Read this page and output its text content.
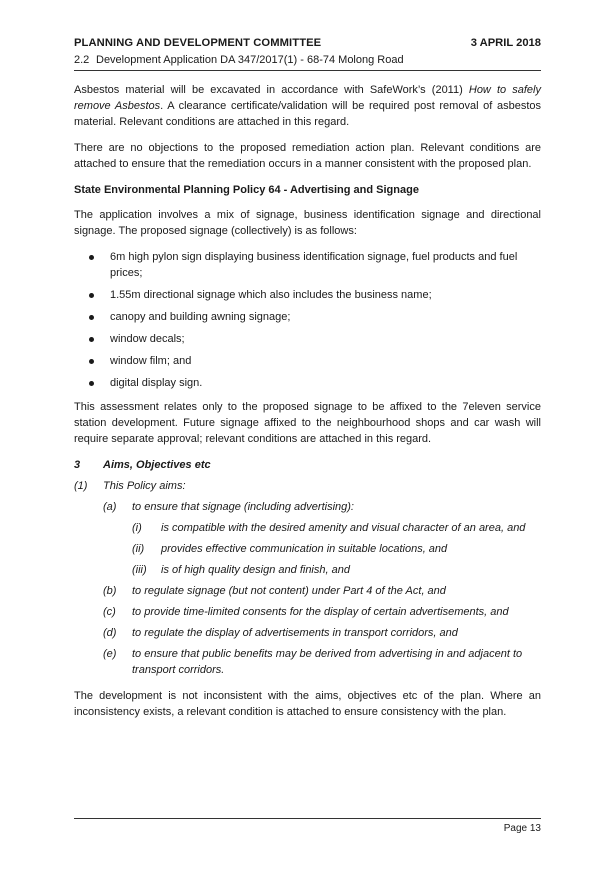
PLANNING AND DEVELOPMENT COMMITTEE	3 APRIL 2018
2.2 Development Application DA 347/2017(1) - 68-74 Molong Road

Asbestos material will be excavated in accordance with SafeWork’s (2011) How to safely remove Asbestos. A clearance certificate/validation will be required post removal of asbestos material. Relevant conditions are attached in this regard.

There are no objections to the proposed remediation action plan. Relevant conditions are attached to ensure that the remediation occurs in a manner consistent with the proposed plan.

State Environmental Planning Policy 64 - Advertising and Signage

The application involves a mix of signage, business identification signage and directional signage. The proposed signage (collectively) is as follows:

6m high pylon sign displaying business identification signage, fuel products and fuel prices;
1.55m directional signage which also includes the business name;
canopy and building awning signage;
window decals;
window film; and
digital display sign.

This assessment relates only to the proposed signage to be affixed to the 7eleven service station development. Future signage affixed to the neighbourhood shops and car wash will require separate approval; relevant conditions are attached in this regard.

3	Aims, Objectives etc
(1)	This Policy aims:
(a)	to ensure that signage (including advertising):
(i)	is compatible with the desired amenity and visual character of an area, and
(ii)	provides effective communication in suitable locations, and
(iii)	is of high quality design and finish, and
(b)	to regulate signage (but not content) under Part 4 of the Act, and
(c)	to provide time-limited consents for the display of certain advertisements, and
(d)	to regulate the display of advertisements in transport corridors, and
(e)	to ensure that public benefits may be derived from advertising in and adjacent to transport corridors.

The development is not inconsistent with the aims, objectives etc of the plan. Where an inconsistency exists, a relevant condition is attached to ensure consistency with the plan.

Page 13
